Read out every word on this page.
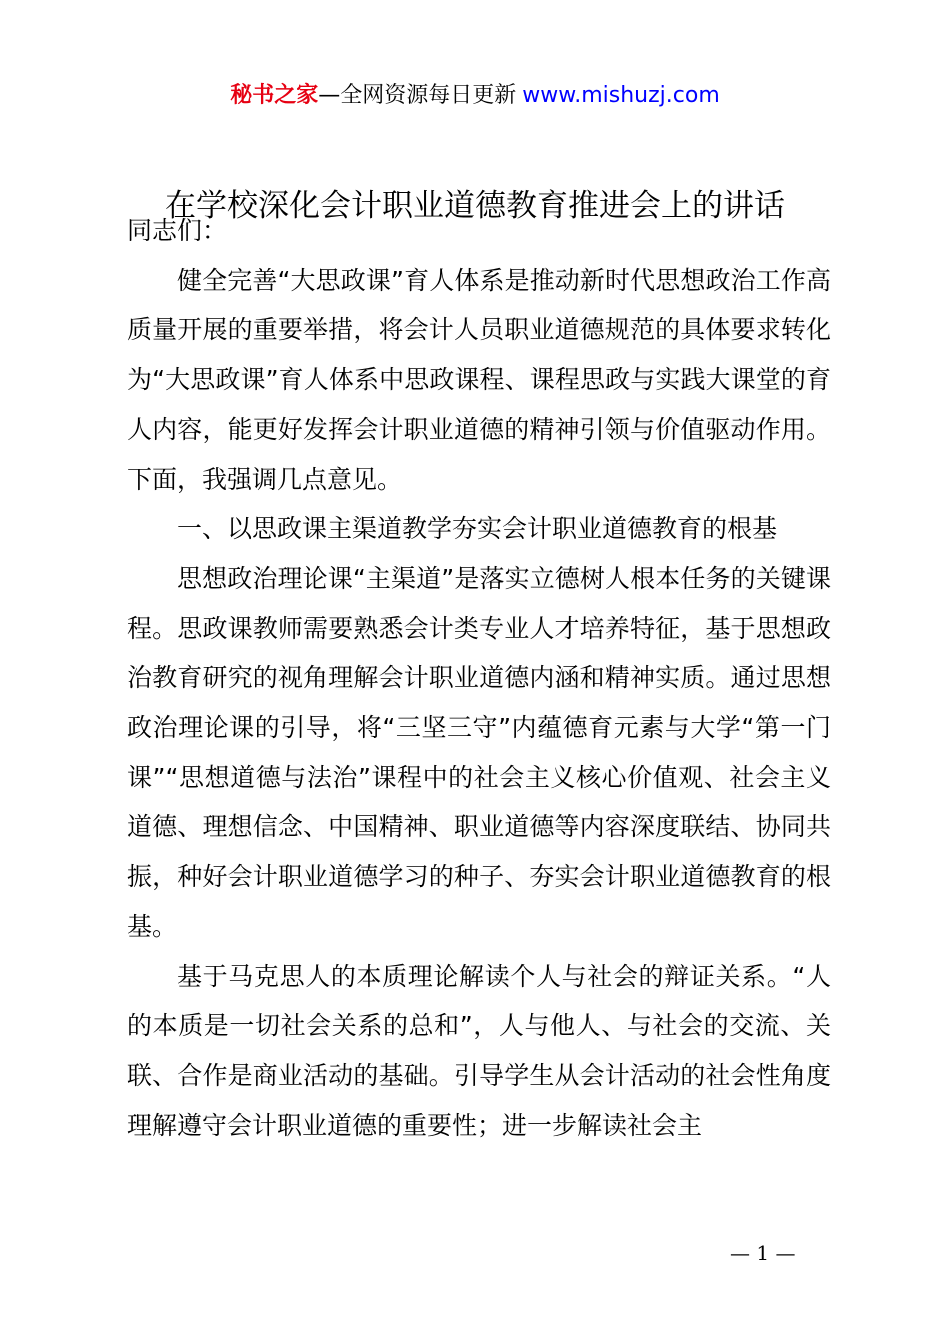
秘书之家—全网资源每日更新 www.mishuzj.com
在学校深化会计职业道德教育推进会上的讲话

同志们：

健全完善“大思政课”育人体系是推动新时代思想政治工作高质量开展的重要举措，将会计人员职业道德规范的具体要求转化为“大思政课”育人体系中思政课程、课程思政与实践大课堂的育人内容，能更好发挥会计职业道德的精神引领与价值驱动作用。下面，我强调几点意见。

一、以思政课主渠道教学夯实会计职业道德教育的根基

思想政治理论课“主渠道”是落实立德树人根本任务的关键课程。思政课教师需要熟悉会计类专业人才培养特征，基于思想政治教育研究的视角理解会计职业道德内涵和精神实质。通过思想政治理论课的引导，将“三坚三守”内蕴德育元素与大学“第一门课”“思想道德与法治”课程中的社会主义核心价值观、社会主义道德、理想信念、中国精神、职业道德等内容深度联结、协同共振，种好会计职业道德学习的种子、夯实会计职业道德教育的根基。

基于马克思人的本质理论解读个人与社会的辩证关系。“人的本质是一切社会关系的总和”，人与他人、与社会的交流、关联、合作是商业活动的基础。引导学生从会计活动的社会性角度理解遵守会计职业道德的重要性；进一步解读社会主

— 1 —
